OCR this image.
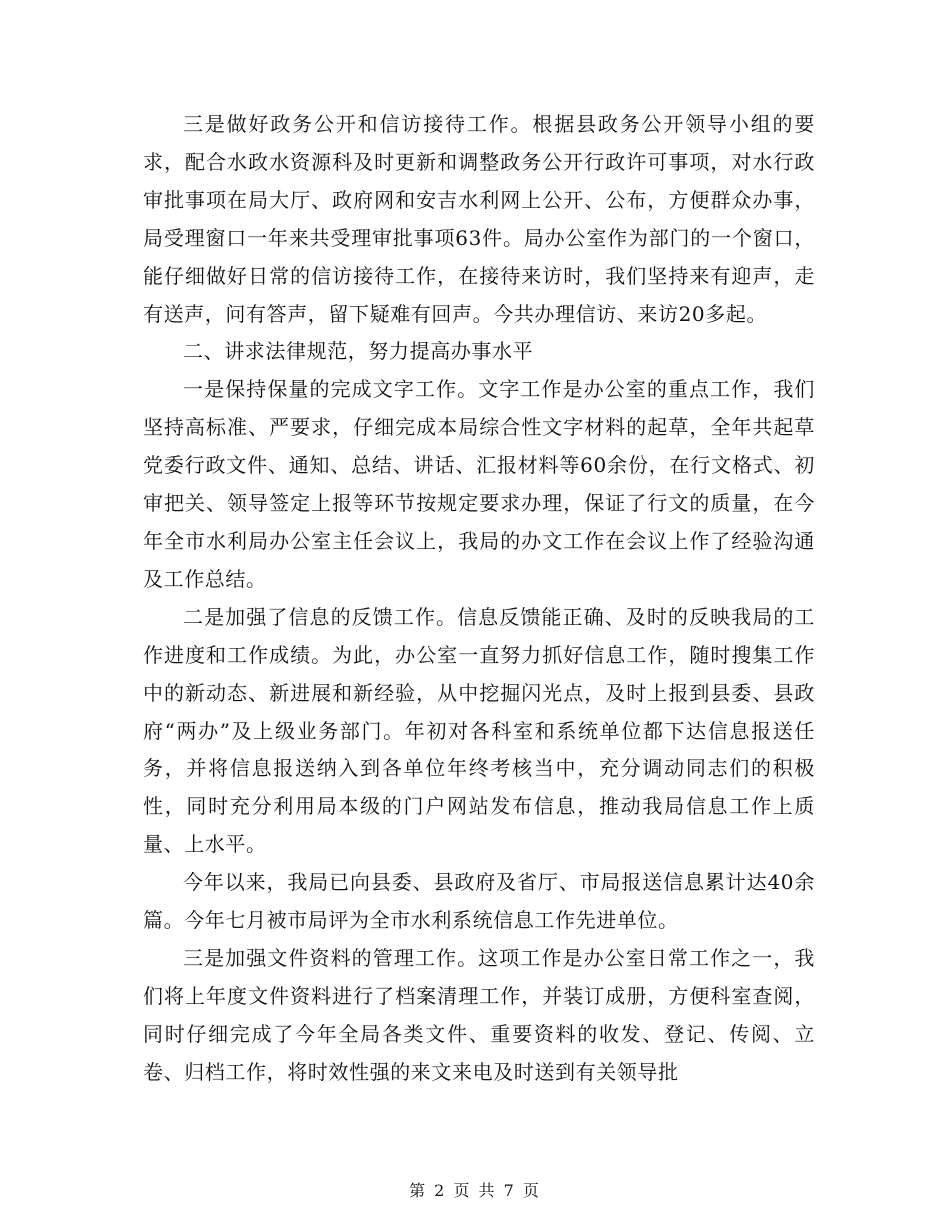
三是做好政务公开和信访接待工作。根据县政务公开领导小组的要求，配合水政水资源科及时更新和调整政务公开行政许可事项，对水行政审批事项在局大厅、政府网和安吉水利网上公开、公布，方便群众办事，局受理窗口一年来共受理审批事项63件。局办公室作为部门的一个窗口，能仔细做好日常的信访接待工作，在接待来访时，我们坚持来有迎声，走有送声，问有答声，留下疑难有回声。今共办理信访、来访20多起。

二、讲求法律规范，努力提高办事水平

一是保持保量的完成文字工作。文字工作是办公室的重点工作，我们坚持高标准、严要求，仔细完成本局综合性文字材料的起草，全年共起草党委行政文件、通知、总结、讲话、汇报材料等60余份，在行文格式、初审把关、领导签定上报等环节按规定要求办理，保证了行文的质量，在今年全市水利局办公室主任会议上，我局的办文工作在会议上作了经验沟通及工作总结。

二是加强了信息的反馈工作。信息反馈能正确、及时的反映我局的工作进度和工作成绩。为此，办公室一直努力抓好信息工作，随时搜集工作中的新动态、新进展和新经验，从中挖掘闪光点，及时上报到县委、县政府“两办”及上级业务部门。年初对各科室和系统单位都下达信息报送任务，并将信息报送纳入到各单位年终考核当中，充分调动同志们的积极性，同时充分利用局本级的门户网站发布信息，推动我局信息工作上质量、上水平。

今年以来，我局已向县委、县政府及省厅、市局报送信息累计达40余篇。今年七月被市局评为全市水利系统信息工作先进单位。

三是加强文件资料的管理工作。这项工作是办公室日常工作之一，我们将上年度文件资料进行了档案清理工作，并装订成册，方便科室查阅，同时仔细完成了今年全局各类文件、重要资料的收发、登记、传阅、立卷、归档工作，将时效性强的来文来电及时送到有关领导批

第 2 页 共 7 页
